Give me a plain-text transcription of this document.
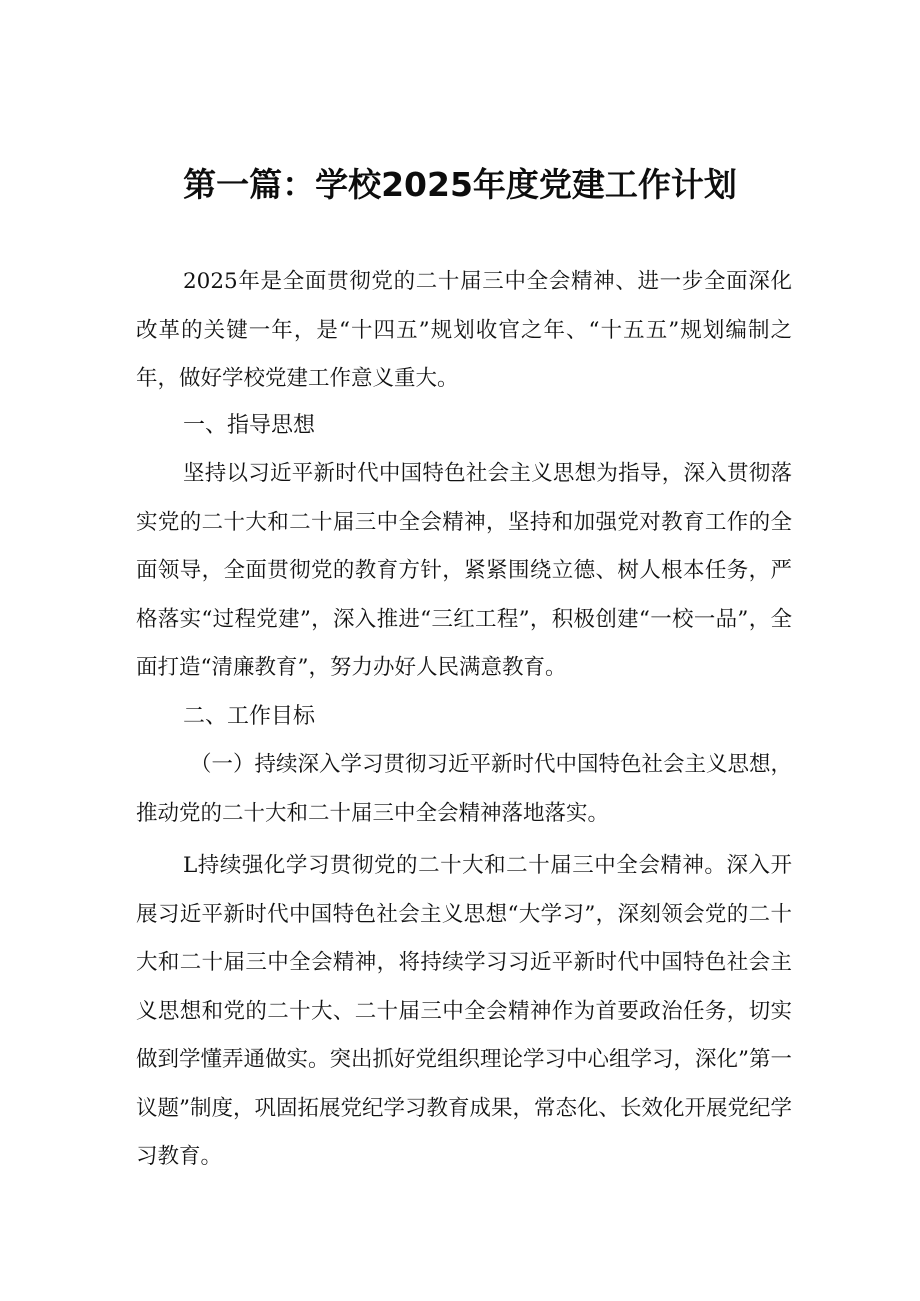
第一篇：学校2025年度党建工作计划

2025年是全面贯彻党的二十届三中全会精神、进一步全面深化改革的关键一年，是“十四五”规划收官之年、“十五五”规划编制之年，做好学校党建工作意义重大。

一、指导思想

坚持以习近平新时代中国特色社会主义思想为指导，深入贯彻落实党的二十大和二十届三中全会精神，坚持和加强党对教育工作的全面领导，全面贯彻党的教育方针，紧紧围绕立德、树人根本任务，严格落实“过程党建”，深入推进“三红工程”，积极创建“一校一品”，全面打造“清廉教育”，努力办好人民满意教育。

二、工作目标

（一）持续深入学习贯彻习近平新时代中国特色社会主义思想，推动党的二十大和二十届三中全会精神落地落实。

L持续强化学习贯彻党的二十大和二十届三中全会精神。深入开展习近平新时代中国特色社会主义思想“大学习”，深刻领会党的二十大和二十届三中全会精神，将持续学习习近平新时代中国特色社会主义思想和党的二十大、二十届三中全会精神作为首要政治任务，切实做到学懂弄通做实。突出抓好党组织理论学习中心组学习，深化”第一议题”制度，巩固拓展党纪学习教育成果，常态化、长效化开展党纪学习教育。
